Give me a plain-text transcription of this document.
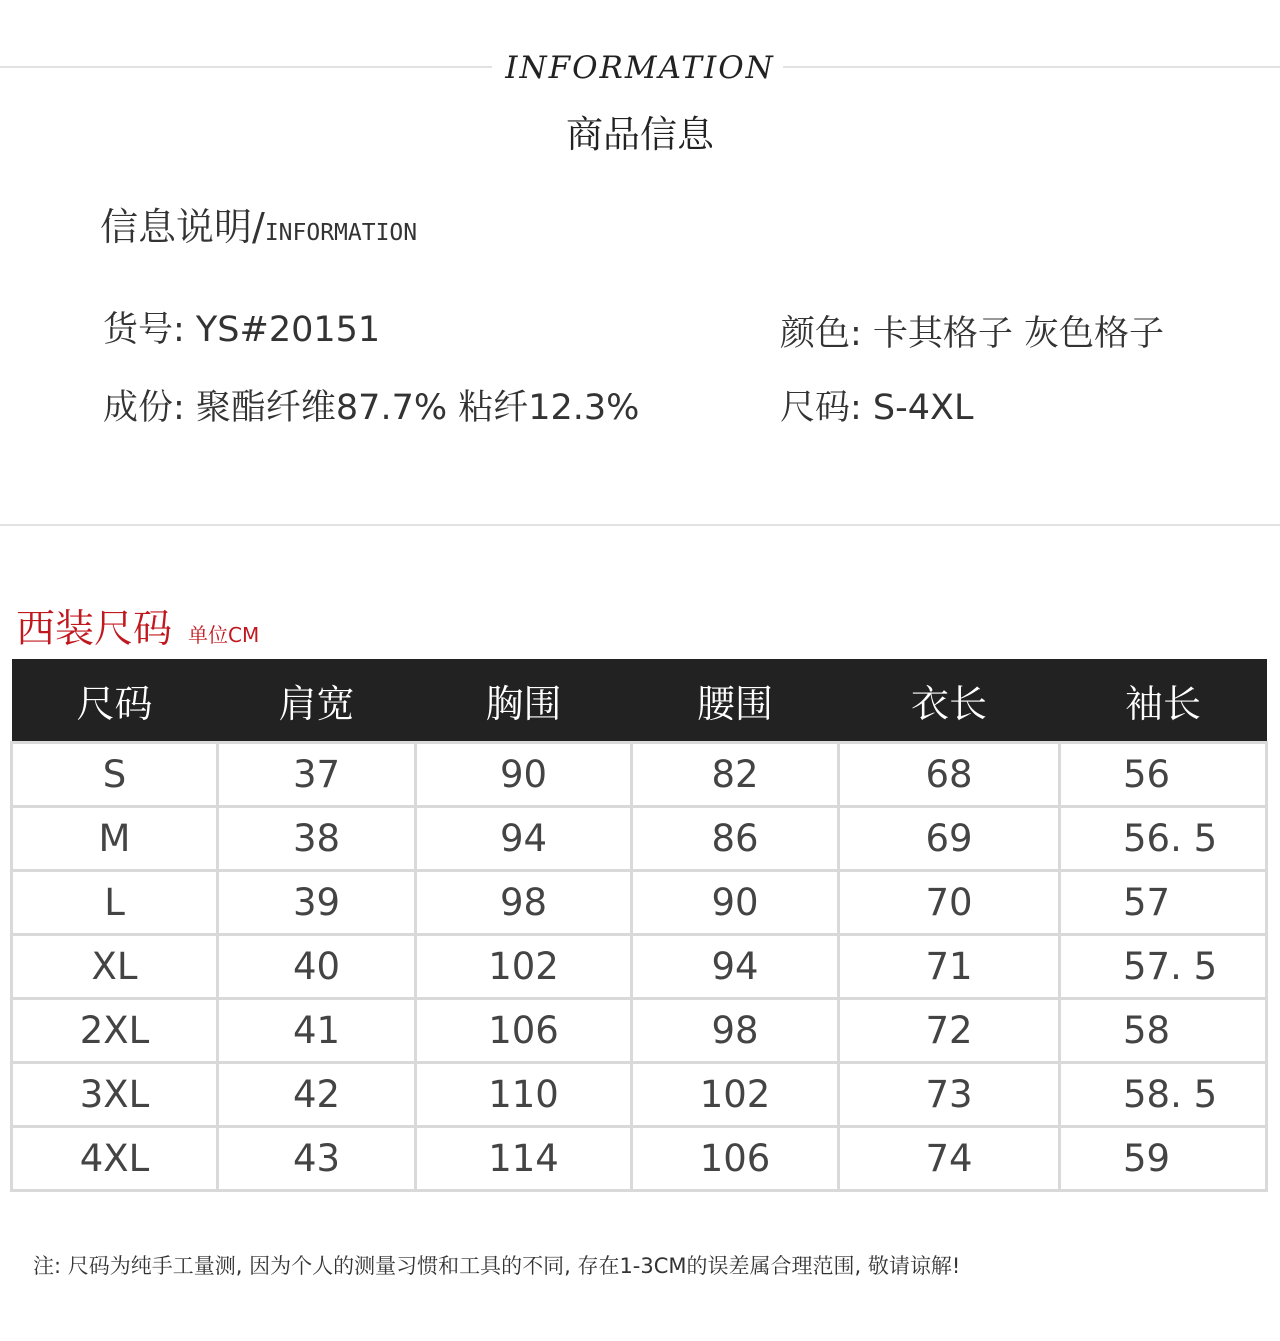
INFORMATION
商品信息
信息说明/INFORMATION
货号: YS#20151
成份: 聚酯纤维87.7% 粘纤12.3%
颜色: 卡其格子 灰色格子
尺码: S-4XL
西装尺码 单位CM
尺码	肩宽	胸围	腰围	衣长	袖长
S	37	90	82	68	56
M	38	94	86	69	56. 5
L	39	98	90	70	57
XL	40	102	94	71	57. 5
2XL	41	106	98	72	58
3XL	42	110	102	73	58. 5
4XL	43	114	106	74	59
注: 尺码为纯手工量测, 因为个人的测量习惯和工具的不同, 存在1-3CM的误差属合理范围, 敬请谅解!
